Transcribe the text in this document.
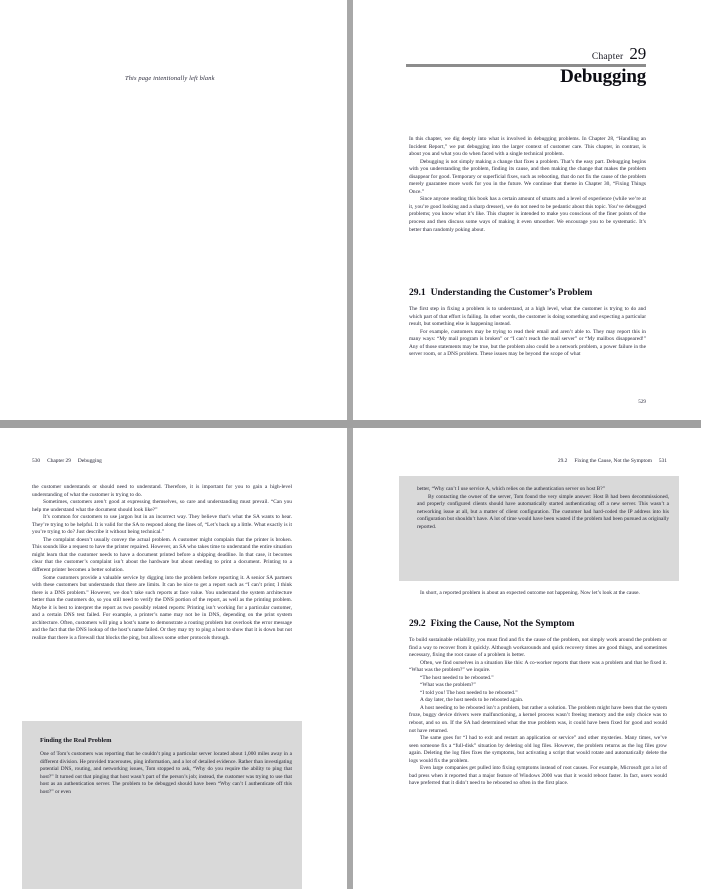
This page intentionally left blank
Chapter 29
Debugging

In this chapter, we dig deeply into what is involved in debugging problems. In Chapter 28, “Handling an Incident Report,” we put debugging into the larger context of customer care. This chapter, in contrast, is about you and what you do when faced with a single technical problem.

Debugging is not simply making a change that fixes a problem. That’s the easy part. Debugging begins with you understanding the problem, finding its cause, and then making the change that makes the problem disappear for good. Temporary or superficial fixes, such as rebooting, that do not fix the cause of the problem merely guarantee more work for you in the future. We continue that theme in Chapter 30, “Fixing Things Once.”

Since anyone reading this book has a certain amount of smarts and a level of experience (while we’re at it, you’re good looking and a sharp dresser), we do not need to be pedantic about this topic. You’ve debugged problems; you know what it’s like. This chapter is intended to make you conscious of the finer points of the process and then discuss some ways of making it even smoother. We encourage you to be systematic. It’s better than randomly poking about.

29.1 Understanding the Customer’s Problem

The first step in fixing a problem is to understand, at a high level, what the customer is trying to do and which part of that effort is failing. In other words, the customer is doing something and expecting a particular result, but something else is happening instead.

For example, customers may be trying to read their email and aren’t able to. They may report this in many ways: “My mail program is broken” or “I can’t reach the mail server” or “My mailbox disappeared!” Any of those statements may be true, but the problem also could be a network problem, a power failure in the server room, or a DNS problem. These issues may be beyond the scope of what

529
530 Chapter 29 Debugging

the customer understands or should need to understand. Therefore, it is important for you to gain a high-level understanding of what the customer is trying to do.

Sometimes, customers aren’t good at expressing themselves, so care and understanding must prevail. “Can you help me understand what the document should look like?”

It’s common for customers to use jargon but in an incorrect way. They believe that’s what the SA wants to hear. They’re trying to be helpful. It is valid for the SA to respond along the lines of, “Let’s back up a little. What exactly is it you’re trying to do? Just describe it without being technical.”

The complaint doesn’t usually convey the actual problem. A customer might complain that the printer is broken. This sounds like a request to have the printer repaired. However, an SA who takes time to understand the entire situation might learn that the customer needs to have a document printed before a shipping deadline. In that case, it becomes clear that the customer’s complaint isn’t about the hardware but about needing to print a document. Printing to a different printer becomes a better solution.

Some customers provide a valuable service by digging into the problem before reporting it. A senior SA partners with these customers but understands that there are limits. It can be nice to get a report such as “I can’t print; I think there is a DNS problem.” However, we don’t take such reports at face value. You understand the system architecture better than the customers do, so you still need to verify the DNS portion of the report, as well as the printing problem. Maybe it is best to interpret the report as two possibly related reports: Printing isn’t working for a particular customer, and a certain DNS test failed. For example, a printer’s name may not be in DNS, depending on the print system architecture. Often, customers will ping a host’s name to demonstrate a routing problem but overlook the error message and the fact that the DNS lookup of the host’s name failed. Or they may try to ping a host to show that it is down but not realize that there is a firewall that blocks the ping, but allows some other protocols through.

Finding the Real Problem

One of Tom’s customers was reporting that he couldn’t ping a particular server located about 1,000 miles away in a different division. He provided traceroutes, ping information, and a lot of detailed evidence. Rather than investigating potential DNS, routing, and networking issues, Tom stopped to ask, “Why do you require the ability to ping that host?” It turned out that pinging that host wasn’t part of the person’s job; instead, the customer was trying to use that host as an authentication server. The problem to be debugged should have been “Why can’t I authenticate off this host?” or even

29.2 Fixing the Cause, Not the Symptom 531

better, “Why can’t I use service A, which relies on the authentication server on host B?”

By contacting the owner of the server, Tom found the very simple answer: Host B had been decommissioned, and properly configured clients should have automatically started authenticating off a new server. This wasn’t a networking issue at all, but a matter of client configuration. The customer had hard-coded the IP address into his configuration but shouldn’t have. A lot of time would have been wasted if the problem had been pursued as originally reported.

In short, a reported problem is about an expected outcome not happening. Now let’s look at the cause.

29.2 Fixing the Cause, Not the Symptom

To build sustainable reliability, you must find and fix the cause of the problem, not simply work around the problem or find a way to recover from it quickly. Although workarounds and quick recovery times are good things, and sometimes necessary, fixing the root cause of a problem is better.

Often, we find ourselves in a situation like this: A co-worker reports that there was a problem and that he fixed it. “What was the problem?” we inquire.

“The host needed to be rebooted.”

“What was the problem?”

“I told you! The host needed to be rebooted.”

A day later, the host needs to be rebooted again.

A host needing to be rebooted isn’t a problem, but rather a solution. The problem might have been that the system froze, buggy device drivers were malfunctioning, a kernel process wasn’t freeing memory and the only choice was to reboot, and so on. If the SA had determined what the true problem was, it could have been fixed for good and would not have returned.

The same goes for “I had to exit and restart an application or service” and other mysteries. Many times, we’ve seen someone fix a “full-disk” situation by deleting old log files. However, the problem returns as the log files grow again. Deleting the log files fixes the symptoms, but activating a script that would rotate and automatically delete the logs would fix the problem.

Even large companies get pulled into fixing symptoms instead of root causes. For example, Microsoft got a lot of bad press when it reported that a major feature of Windows 2000 was that it would reboot faster. In fact, users would have preferred that it didn’t need to be rebooted so often in the first place.
